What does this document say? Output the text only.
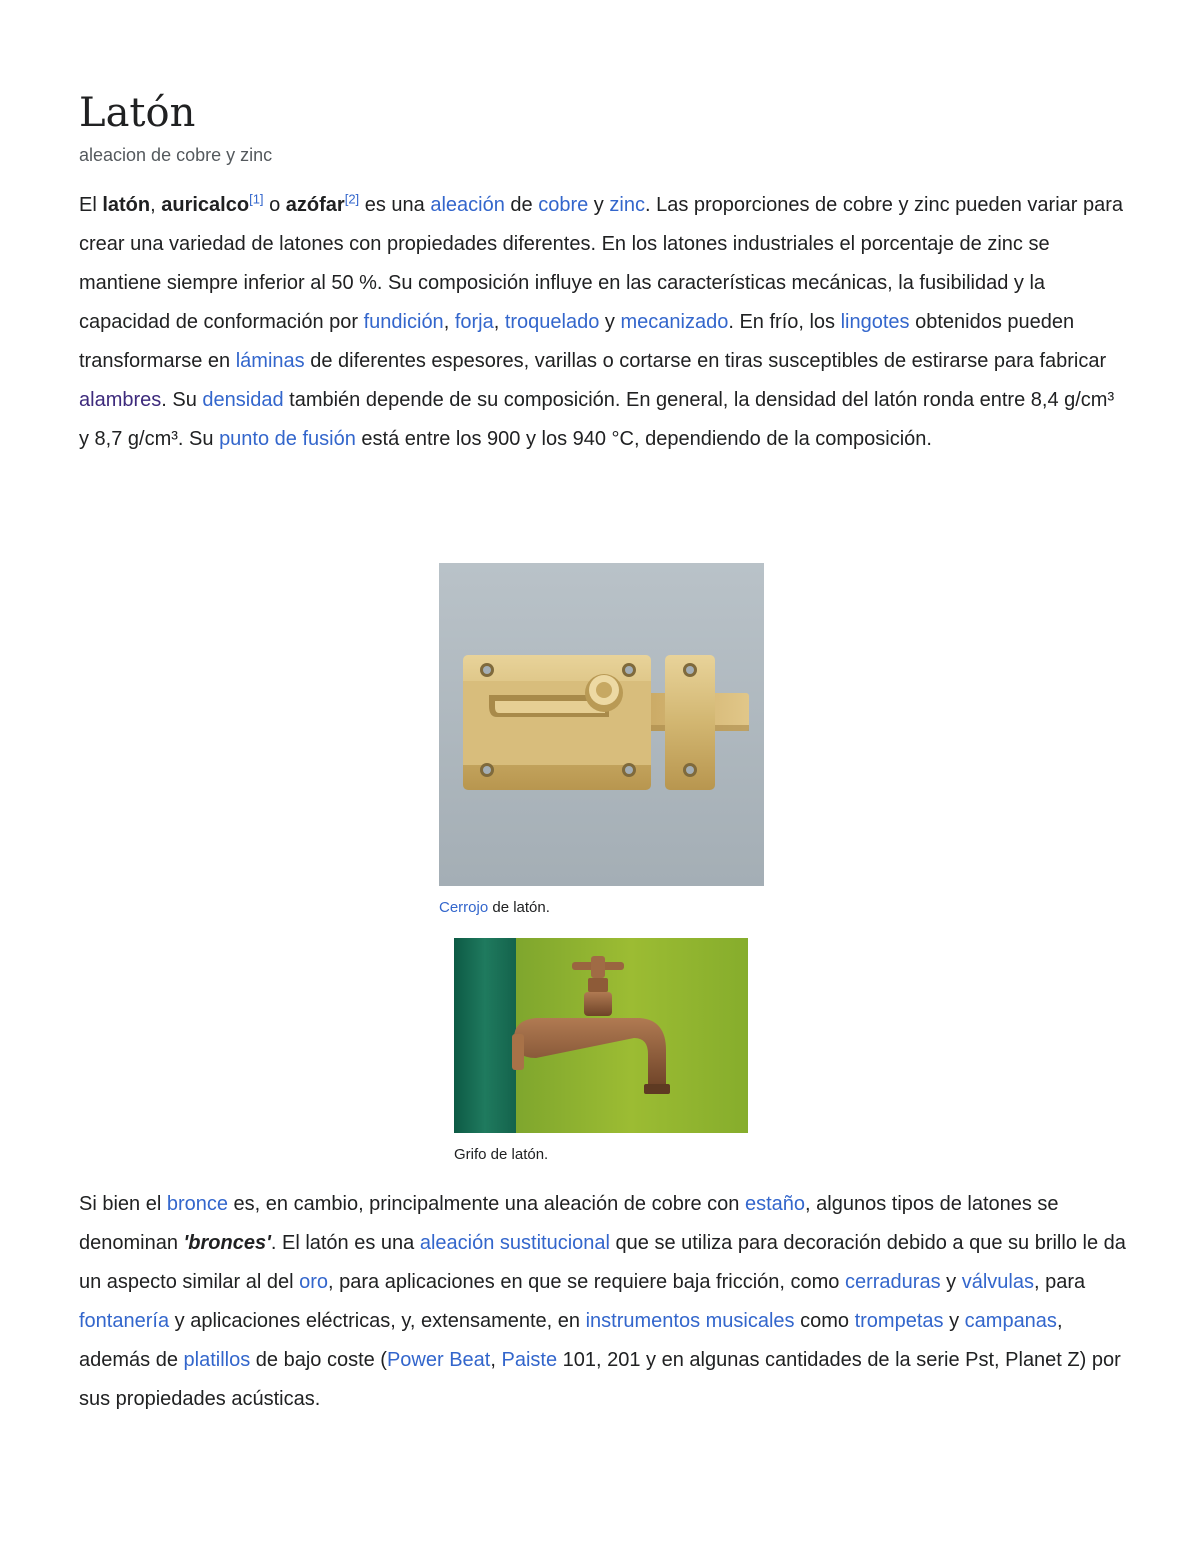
Latón
aleacion de cobre y zinc

El latón, auricalco[1] o azófar[2] es una aleación de cobre y zinc. Las proporciones de cobre y zinc pueden variar para crear una variedad de latones con propiedades diferentes. En los latones industriales el porcentaje de zinc se mantiene siempre inferior al 50 %. Su composición influye en las características mecánicas, la fusibilidad y la capacidad de conformación por fundición, forja, troquelado y mecanizado. En frío, los lingotes obtenidos pueden transformarse en láminas de diferentes espesores, varillas o cortarse en tiras susceptibles de estirarse para fabricar alambres. Su densidad también depende de su composición. En general, la densidad del latón ronda entre 8,4 g/cm³ y 8,7 g/cm³. Su punto de fusión está entre los 900 y los 940 °C, dependiendo de la composición.

Cerrojo de latón.
Grifo de latón.

Si bien el bronce es, en cambio, principalmente una aleación de cobre con estaño, algunos tipos de latones se denominan 'bronces'. El latón es una aleación sustitucional que se utiliza para decoración debido a que su brillo le da un aspecto similar al del oro, para aplicaciones en que se requiere baja fricción, como cerraduras y válvulas, para fontanería y aplicaciones eléctricas, y, extensamente, en instrumentos musicales como trompetas y campanas, además de platillos de bajo coste (Power Beat, Paiste 101, 201 y en algunas cantidades de la serie Pst, Planet Z) por sus propiedades acústicas.
